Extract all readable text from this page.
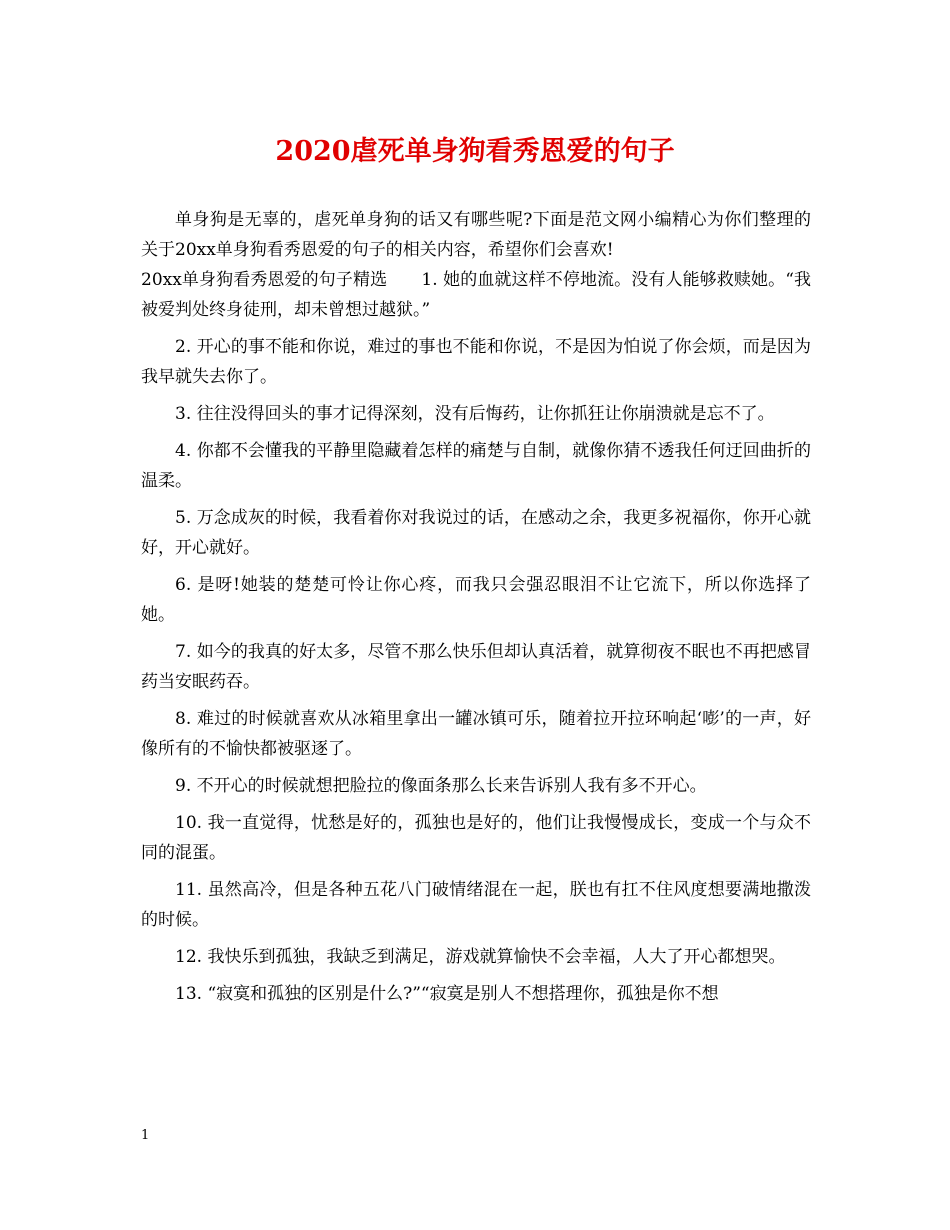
2020虐死单身狗看秀恩爱的句子

单身狗是无辜的，虐死单身狗的话又有哪些呢?下面是范文网小编精心为你们整理的关于20xx单身狗看秀恩爱的句子的相关内容，希望你们会喜欢!

20xx单身狗看秀恩爱的句子精选　　1. 她的血就这样不停地流。没有人能够救赎她。“我被爱判处终身徒刑，却未曾想过越狱。”

2. 开心的事不能和你说，难过的事也不能和你说，不是因为怕说了你会烦，而是因为我早就失去你了。

3. 往往没得回头的事才记得深刻，没有后悔药，让你抓狂让你崩溃就是忘不了。

4. 你都不会懂我的平静里隐藏着怎样的痛楚与自制，就像你猜不透我任何迂回曲折的温柔。

5. 万念成灰的时候，我看着你对我说过的话，在感动之余，我更多祝福你，你开心就好，开心就好。

6. 是呀!她装的楚楚可怜让你心疼，而我只会强忍眼泪不让它流下，所以你选择了她。

7. 如今的我真的好太多，尽管不那么快乐但却认真活着，就算彻夜不眠也不再把感冒药当安眠药吞。

8. 难过的时候就喜欢从冰箱里拿出一罐冰镇可乐，随着拉开拉环响起‘嘭’的一声，好像所有的不愉快都被驱逐了。

9. 不开心的时候就想把脸拉的像面条那么长来告诉别人我有多不开心。

10. 我一直觉得，忧愁是好的，孤独也是好的，他们让我慢慢成长，变成一个与众不同的混蛋。

11. 虽然高冷，但是各种五花八门破情绪混在一起，朕也有扛不住风度想要满地撒泼的时候。

12. 我快乐到孤独，我缺乏到满足，游戏就算愉快不会幸福，人大了开心都想哭。

13. “寂寞和孤独的区别是什么?”“寂寞是别人不想搭理你，孤独是你不想

1
